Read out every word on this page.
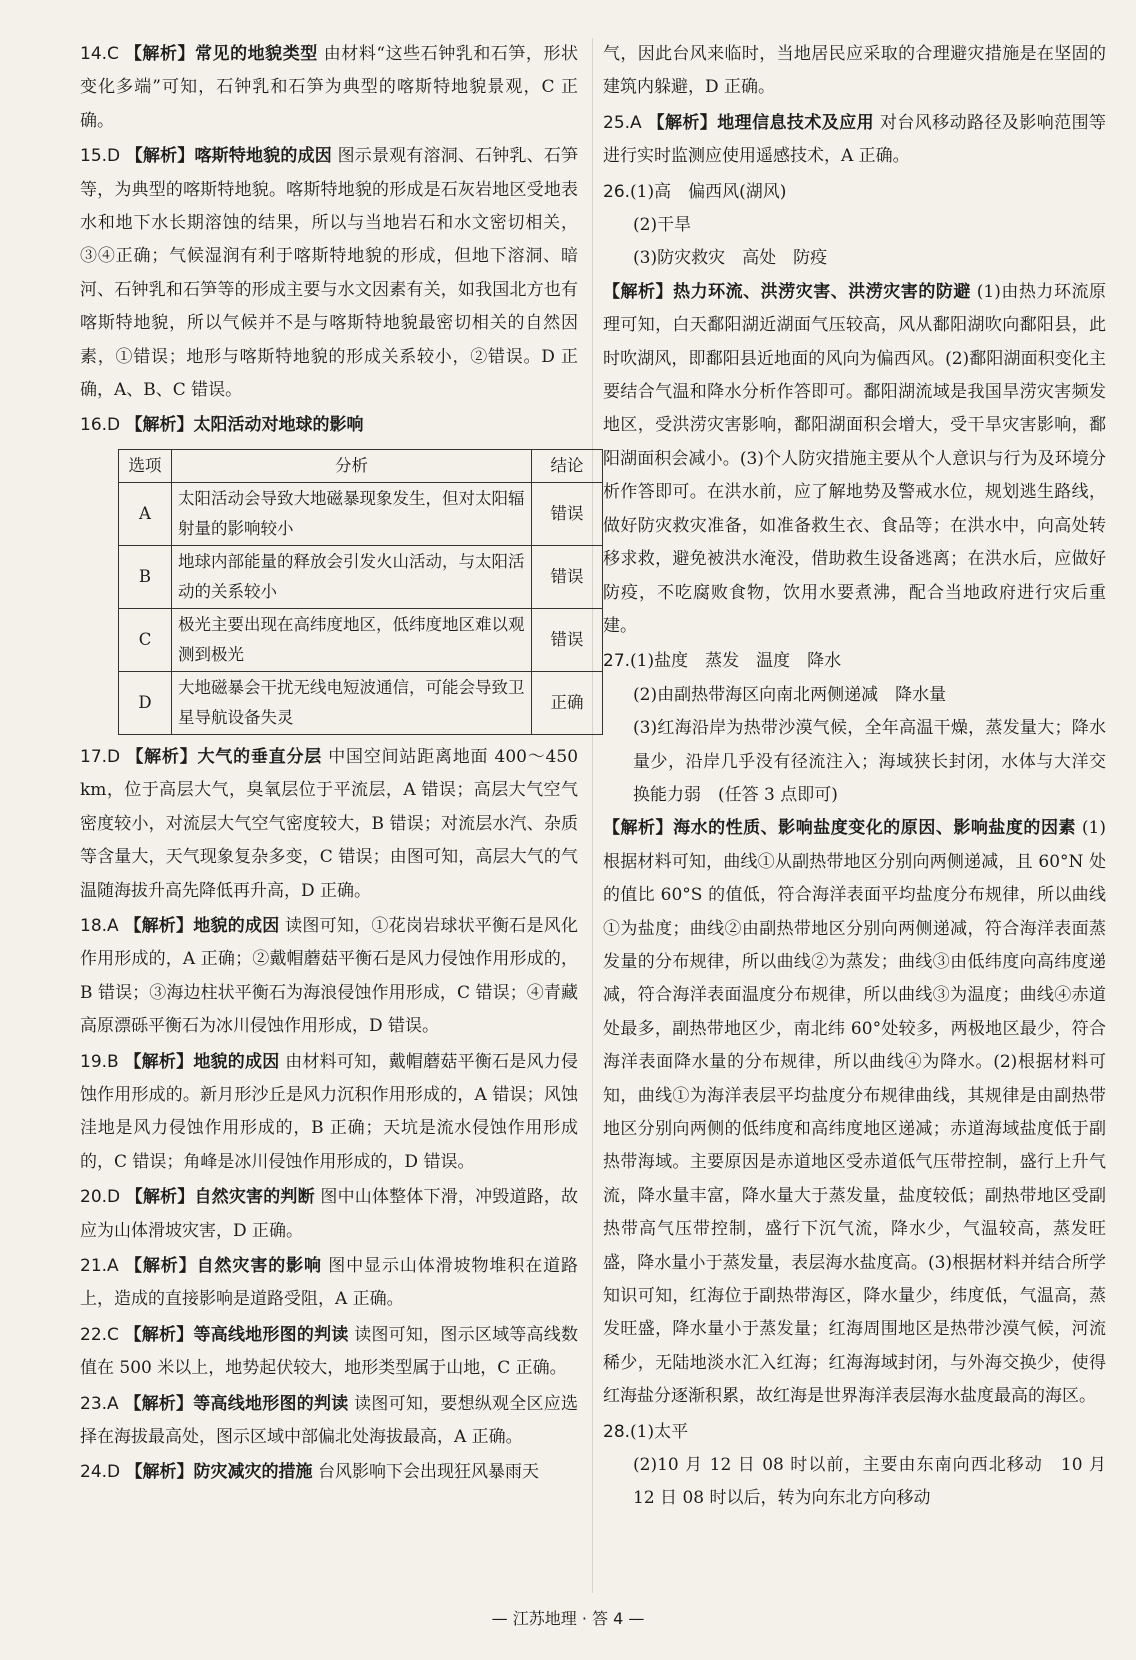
14.C 【解析】常见的地貌类型 由材料“这些石钟乳和石笋，形状变化多端”可知，石钟乳和石笋为典型的喀斯特地貌景观，C 正确。
15.D 【解析】喀斯特地貌的成因 图示景观有溶洞、石钟乳、石笋等，为典型的喀斯特地貌。喀斯特地貌的形成是石灰岩地区受地表水和地下水长期溶蚀的结果，所以与当地岩石和水文密切相关，③④正确；气候湿润有利于喀斯特地貌的形成，但地下溶洞、暗河、石钟乳和石笋等的形成主要与水文因素有关，如我国北方也有喀斯特地貌，所以气候并不是与喀斯特地貌最密切相关的自然因素，①错误；地形与喀斯特地貌的形成关系较小，②错误。D 正确，A、B、C 错误。
16.D 【解析】太阳活动对地球的影响
选项	分析	结论
A	太阳活动会导致大地磁暴现象发生，但对太阳辐射量的影响较小	错误
B	地球内部能量的释放会引发火山活动，与太阳活动的关系较小	错误
C	极光主要出现在高纬度地区，低纬度地区难以观测到极光	错误
D	大地磁暴会干扰无线电短波通信，可能会导致卫星导航设备失灵	正确
17.D 【解析】大气的垂直分层 中国空间站距离地面 400～450 km，位于高层大气，臭氧层位于平流层，A 错误；高层大气空气密度较小，对流层大气空气密度较大，B 错误；对流层水汽、杂质等含量大，天气现象复杂多变，C 错误；由图可知，高层大气的气温随海拔升高先降低再升高，D 正确。
18.A 【解析】地貌的成因 读图可知，①花岗岩球状平衡石是风化作用形成的，A 正确；②戴帽蘑菇平衡石是风力侵蚀作用形成的，B 错误；③海边柱状平衡石为海浪侵蚀作用形成，C 错误；④青藏高原漂砾平衡石为冰川侵蚀作用形成，D 错误。
19.B 【解析】地貌的成因 由材料可知，戴帽蘑菇平衡石是风力侵蚀作用形成的。新月形沙丘是风力沉积作用形成的，A 错误；风蚀洼地是风力侵蚀作用形成的，B 正确；天坑是流水侵蚀作用形成的，C 错误；角峰是冰川侵蚀作用形成的，D 错误。
20.D 【解析】自然灾害的判断 图中山体整体下滑，冲毁道路，故应为山体滑坡灾害，D 正确。
21.A 【解析】自然灾害的影响 图中显示山体滑坡物堆积在道路上，造成的直接影响是道路受阻，A 正确。
22.C 【解析】等高线地形图的判读 读图可知，图示区域等高线数值在 500 米以上，地势起伏较大，地形类型属于山地，C 正确。
23.A 【解析】等高线地形图的判读 读图可知，要想纵观全区应选择在海拔最高处，图示区域中部偏北处海拔最高，A 正确。
24.D 【解析】防灾减灾的措施 台风影响下会出现狂风暴雨天
气，因此台风来临时，当地居民应采取的合理避灾措施是在坚固的建筑内躲避，D 正确。
25.A 【解析】地理信息技术及应用 对台风移动路径及影响范围等进行实时监测应使用遥感技术，A 正确。
26.(1)高　偏西风(湖风)
(2)干旱
(3)防灾救灾　高处　防疫
【解析】热力环流、洪涝灾害、洪涝灾害的防避 (1)由热力环流原理可知，白天鄱阳湖近湖面气压较高，风从鄱阳湖吹向鄱阳县，此时吹湖风，即鄱阳县近地面的风向为偏西风。(2)鄱阳湖面积变化主要结合气温和降水分析作答即可。鄱阳湖流域是我国旱涝灾害频发地区，受洪涝灾害影响，鄱阳湖面积会增大，受干旱灾害影响，鄱阳湖面积会减小。(3)个人防灾措施主要从个人意识与行为及环境分析作答即可。在洪水前，应了解地势及警戒水位，规划逃生路线，做好防灾救灾准备，如准备救生衣、食品等；在洪水中，向高处转移求救，避免被洪水淹没，借助救生设备逃离；在洪水后，应做好防疫，不吃腐败食物，饮用水要煮沸，配合当地政府进行灾后重建。
27.(1)盐度　蒸发　温度　降水
(2)由副热带海区向南北两侧递减　降水量
(3)红海沿岸为热带沙漠气候，全年高温干燥，蒸发量大；降水量少，沿岸几乎没有径流注入；海域狭长封闭，水体与大洋交换能力弱　(任答 3 点即可)
【解析】海水的性质、影响盐度变化的原因、影响盐度的因素 (1)根据材料可知，曲线①从副热带地区分别向两侧递减，且 60°N 处的值比 60°S 的值低，符合海洋表面平均盐度分布规律，所以曲线①为盐度；曲线②由副热带地区分别向两侧递减，符合海洋表面蒸发量的分布规律，所以曲线②为蒸发；曲线③由低纬度向高纬度递减，符合海洋表面温度分布规律，所以曲线③为温度；曲线④赤道处最多，副热带地区少，南北纬 60°处较多，两极地区最少，符合海洋表面降水量的分布规律，所以曲线④为降水。(2)根据材料可知，曲线①为海洋表层平均盐度分布规律曲线，其规律是由副热带地区分别向两侧的低纬度和高纬度地区递减；赤道海域盐度低于副热带海域。主要原因是赤道地区受赤道低气压带控制，盛行上升气流，降水量丰富，降水量大于蒸发量，盐度较低；副热带地区受副热带高气压带控制，盛行下沉气流，降水少，气温较高，蒸发旺盛，降水量小于蒸发量，表层海水盐度高。(3)根据材料并结合所学知识可知，红海位于副热带海区，降水量少，纬度低，气温高，蒸发旺盛，降水量小于蒸发量；红海周围地区是热带沙漠气候，河流稀少，无陆地淡水汇入红海；红海海域封闭，与外海交换少，使得红海盐分逐渐积累，故红海是世界海洋表层海水盐度最高的海区。
28.(1)太平
(2)10 月 12 日 08 时以前，主要由东南向西北移动　10 月 12 日 08 时以后，转为向东北方向移动
— 江苏地理 · 答 4 —
